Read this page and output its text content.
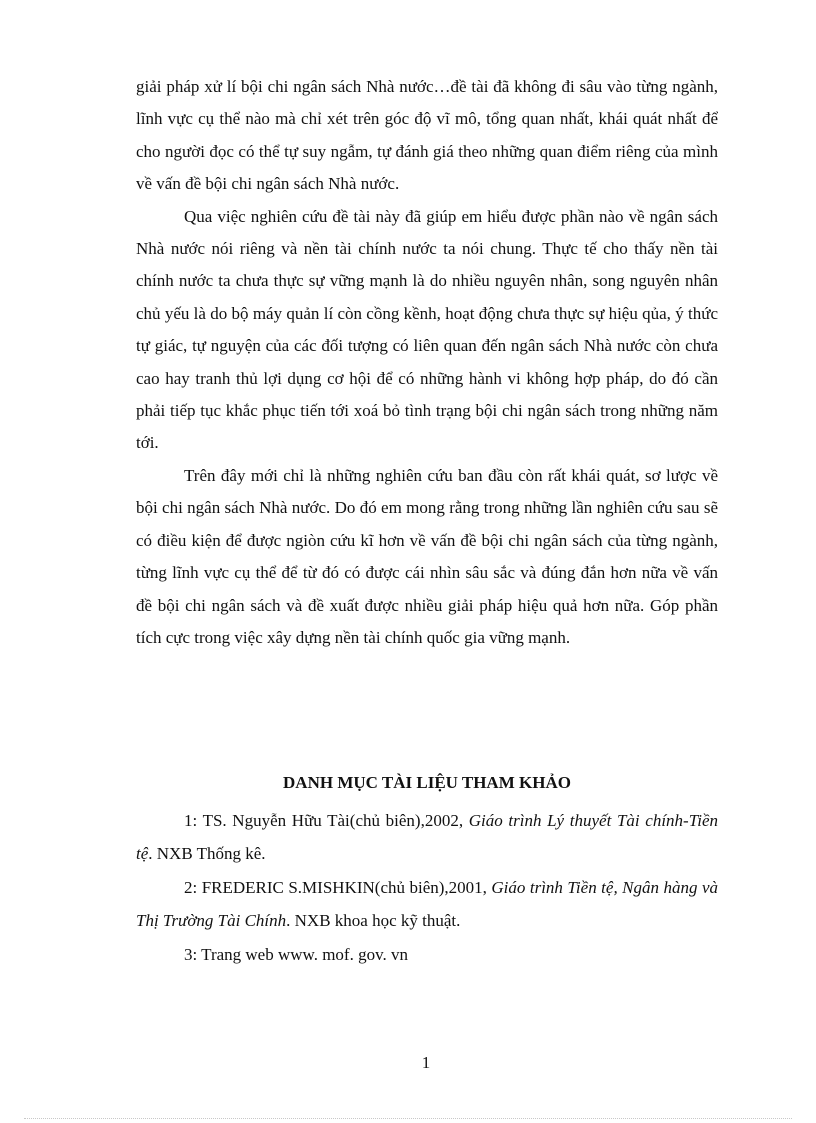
giải pháp xử lí bội chi ngân sách Nhà nước…đề tài đã không đi sâu vào từng ngành, lĩnh vực cụ thể nào mà chỉ xét trên góc độ vĩ mô, tổng quan nhất, khái quát nhất để cho người đọc có thể tự suy ngẫm, tự đánh giá theo những quan điểm riêng của mình về vấn đề bội chi ngân sách Nhà nước.

Qua việc nghiên cứu đề tài này đã giúp em hiểu được phần nào về ngân sách Nhà nước nói riêng và nền tài chính nước ta nói chung. Thực tế cho thấy nền tài chính nước ta chưa thực sự vững mạnh là do nhiều nguyên nhân, song nguyên nhân chủ yếu là do bộ máy quản lí còn cồng kềnh, hoạt động chưa thực sự hiệu qủa, ý thức tự giác, tự nguyện của các đối tượng có liên quan đến ngân sách Nhà nước còn chưa cao hay tranh thủ lợi dụng cơ hội để có những hành vi không hợp pháp, do đó cần phải tiếp tục khắc phục tiến tới xoá bỏ tình trạng bội chi ngân sách trong những năm tới.

Trên đây mới chỉ là những nghiên cứu ban đầu còn rất khái quát, sơ lược về bội chi ngân sách Nhà nước. Do đó em mong rằng trong những lần nghiên cứu sau sẽ có điều kiện để được ngiòn cứu kĩ hơn về vấn đề bội chi ngân sách của từng ngành, từng lĩnh vực cụ thể để từ đó có được cái nhìn sâu sắc và đúng đắn hơn nữa về vấn đề bội chi ngân sách và đề xuất được nhiều giải pháp hiệu quả hơn nữa. Góp phần tích cực trong việc xây dựng nền tài chính quốc gia vững mạnh.

DANH MỤC TÀI LIỆU THAM KHẢO

1: TS. Nguyễn Hữu Tài(chủ biên),2002, Giáo trình Lý thuyết Tài chính-Tiền tệ. NXB Thống kê.

2: FREDERIC S.MISHKIN(chủ biên),2001, Giáo trình Tiền tệ, Ngân hàng và Thị Trường Tài Chính. NXB khoa học kỹ thuật.

3: Trang web www. mof. gov. vn

1
